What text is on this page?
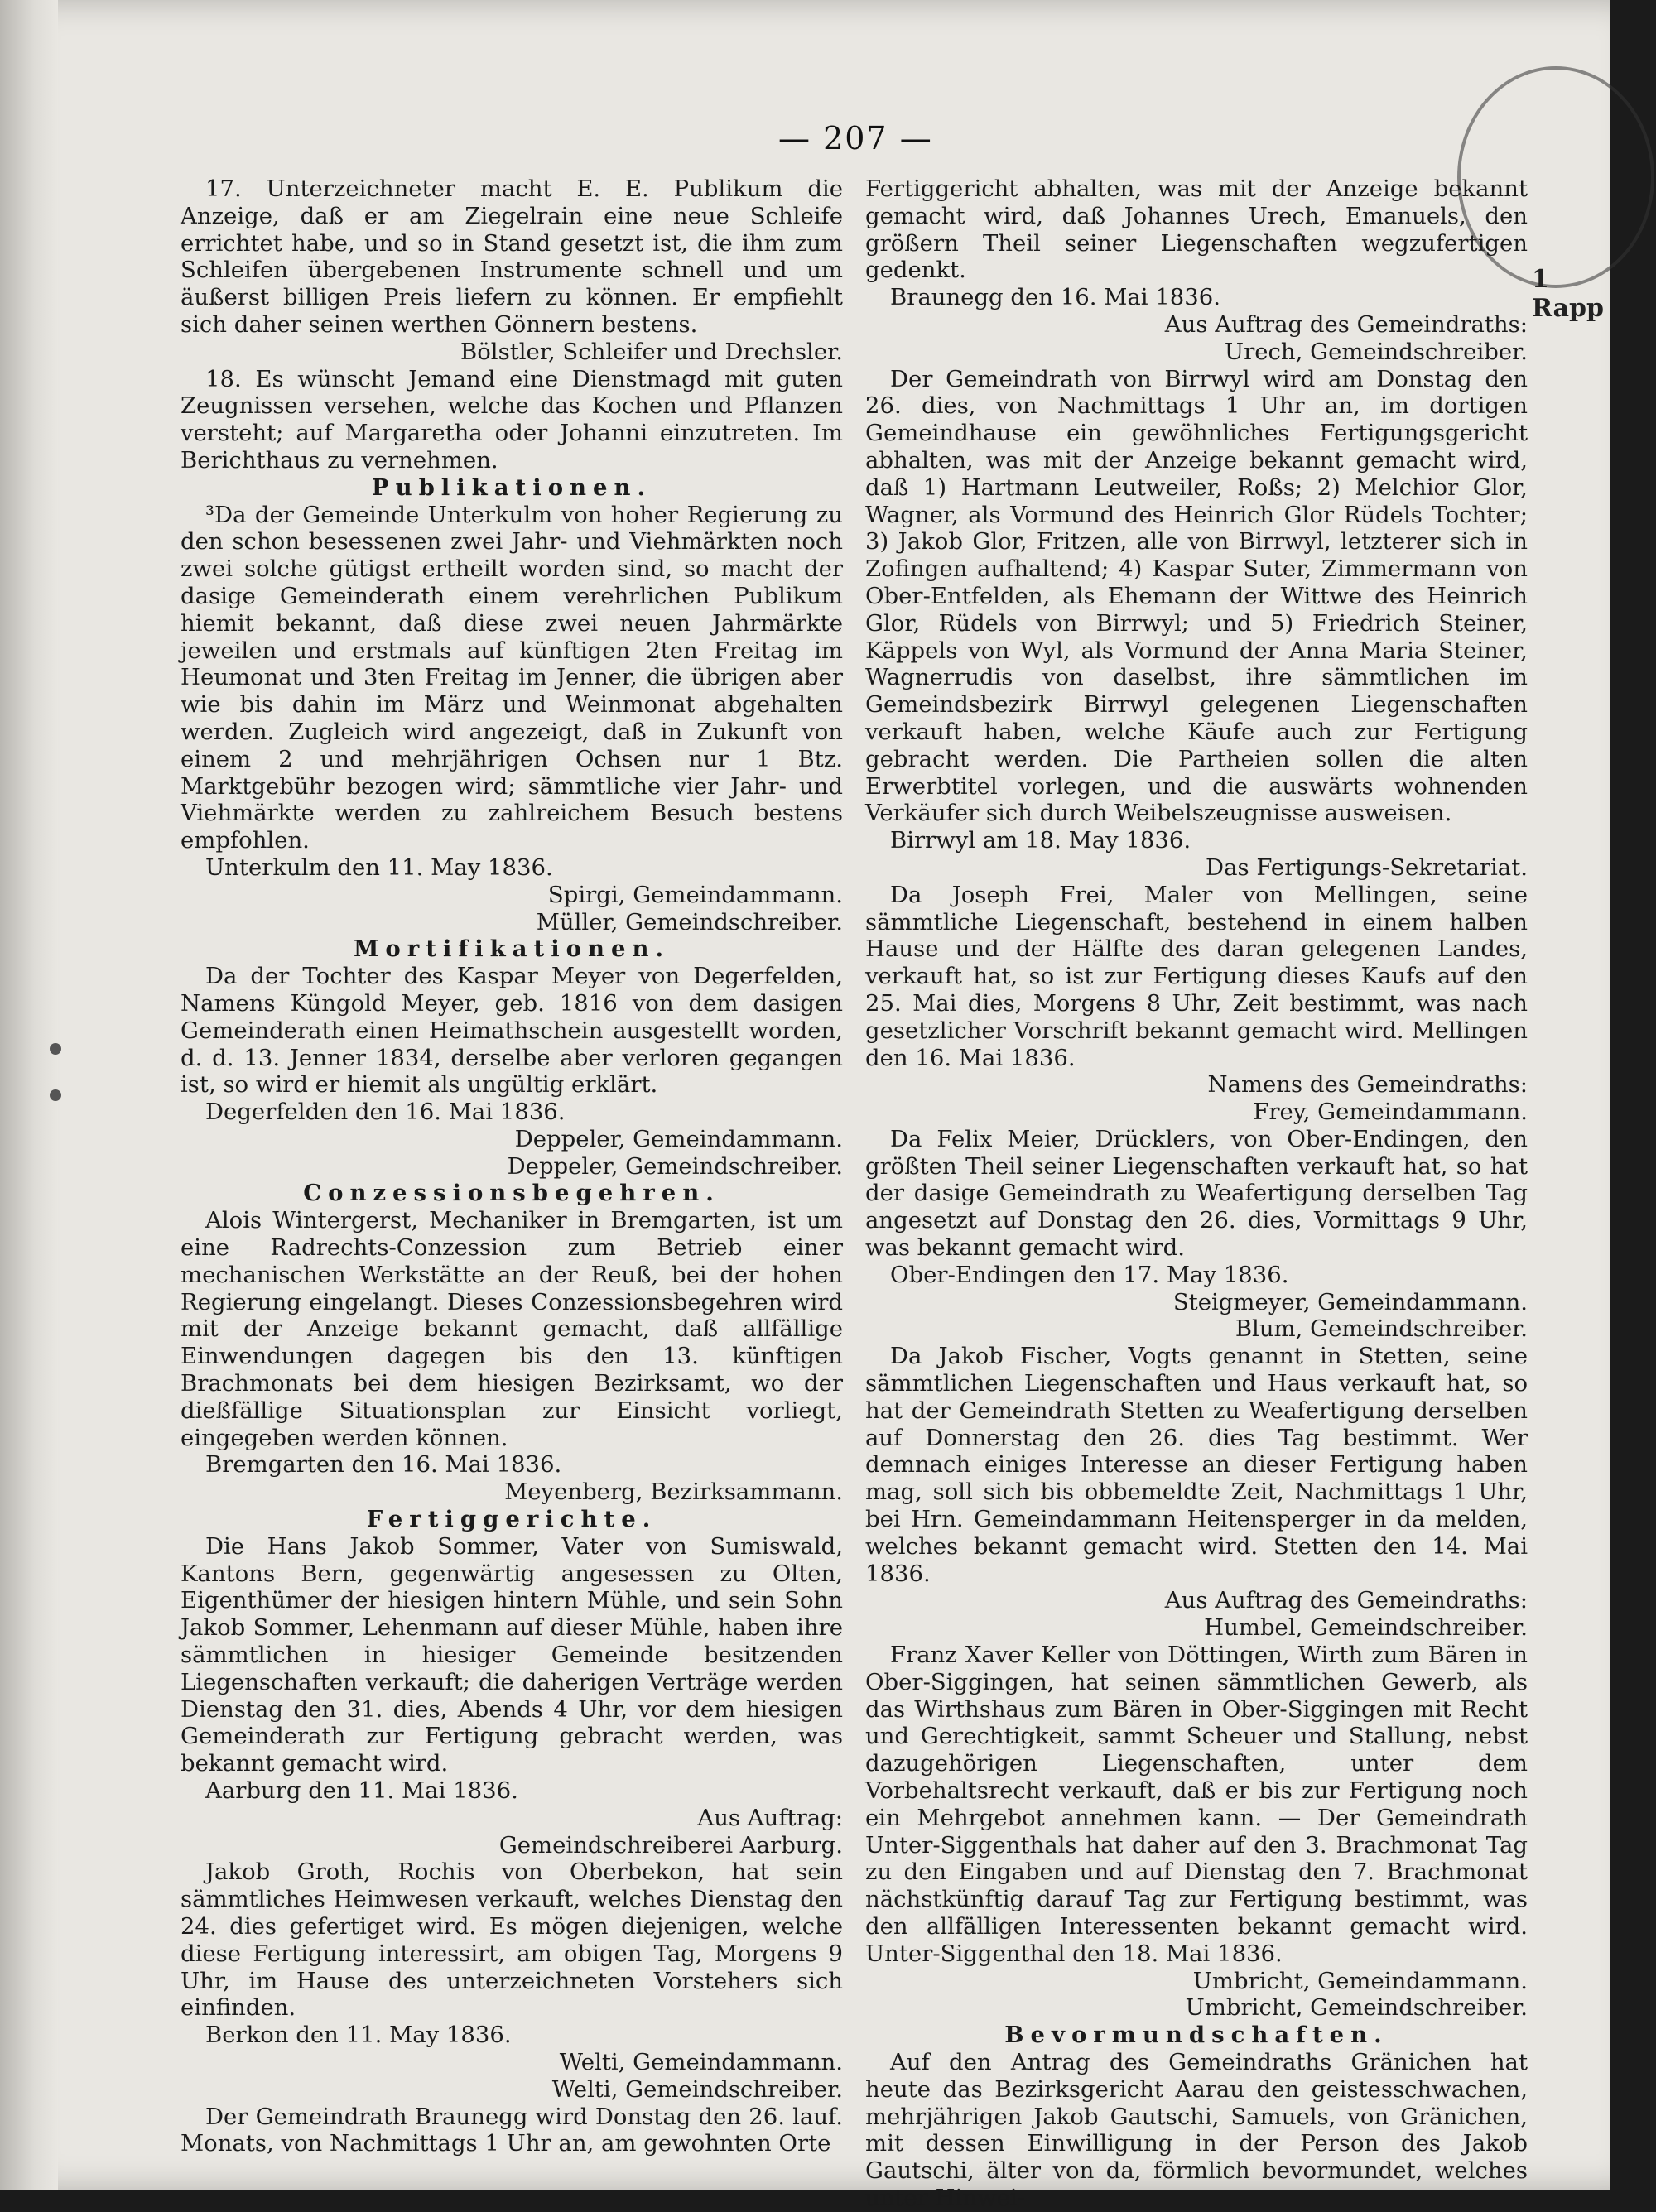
1 Rapp
— 207 —

17. Unterzeichneter macht E. E. Publikum die Anzeige, daß er am Ziegelrain eine neue Schleife errichtet habe, und so in Stand gesetzt ist, die ihm zum Schleifen übergebenen Instrumente schnell und um äußerst billigen Preis liefern zu können. Er empfiehlt sich daher seinen werthen Gönnern bestens.

Bölstler, Schleifer und Drechsler.

18. Es wünscht Jemand eine Dienstmagd mit guten Zeugnissen versehen, welche das Kochen und Pflanzen versteht; auf Margaretha oder Johanni einzutreten. Im Berichthaus zu vernehmen.

Publikationen.

³Da der Gemeinde Unterkulm von hoher Regierung zu den schon besessenen zwei Jahr- und Viehmärkten noch zwei solche gütigst ertheilt worden sind, so macht der dasige Gemeinderath einem verehrlichen Publikum hiemit bekannt, daß diese zwei neuen Jahrmärkte jeweilen und erstmals auf künftigen 2ten Freitag im Heumonat und 3ten Freitag im Jenner, die übrigen aber wie bis dahin im März und Weinmonat abgehalten werden. Zugleich wird angezeigt, daß in Zukunft von einem 2 und mehrjährigen Ochsen nur 1 Btz. Marktgebühr bezogen wird; sämmtliche vier Jahr- und Viehmärkte werden zu zahlreichem Besuch bestens empfohlen.

Unterkulm den 11. May 1836.

Spirgi, Gemeindammann.

Müller, Gemeindschreiber.

Mortifikationen.

Da der Tochter des Kaspar Meyer von Degerfelden, Namens Küngold Meyer, geb. 1816 von dem dasigen Gemeinderath einen Heimathschein ausgestellt worden, d. d. 13. Jenner 1834, derselbe aber verloren gegangen ist, so wird er hiemit als ungültig erklärt.

Degerfelden den 16. Mai 1836.

Deppeler, Gemeindammann.

Deppeler, Gemeindschreiber.

Conzessionsbegehren.

Alois Wintergerst, Mechaniker in Bremgarten, ist um eine Radrechts-Conzession zum Betrieb einer mechanischen Werkstätte an der Reuß, bei der hohen Regierung eingelangt. Dieses Conzessionsbegehren wird mit der Anzeige bekannt gemacht, daß allfällige Einwendungen dagegen bis den 13. künftigen Brachmonats bei dem hiesigen Bezirksamt, wo der dießfällige Situationsplan zur Einsicht vorliegt, eingegeben werden können.

Bremgarten den 16. Mai 1836.

Meyenberg, Bezirksammann.

Fertiggerichte.

Die Hans Jakob Sommer, Vater von Sumiswald, Kantons Bern, gegenwärtig angesessen zu Olten, Eigenthümer der hiesigen hintern Mühle, und sein Sohn Jakob Sommer, Lehenmann auf dieser Mühle, haben ihre sämmtlichen in hiesiger Gemeinde besitzenden Liegenschaften verkauft; die daherigen Verträge werden Dienstag den 31. dies, Abends 4 Uhr, vor dem hiesigen Gemeinderath zur Fertigung gebracht werden, was bekannt gemacht wird.

Aarburg den 11. Mai 1836.

Aus Auftrag:

Gemeindschreiberei Aarburg.

Jakob Groth, Rochis von Oberbekon, hat sein sämmtliches Heimwesen verkauft, welches Dienstag den 24. dies gefertiget wird. Es mögen diejenigen, welche diese Fertigung interessirt, am obigen Tag, Morgens 9 Uhr, im Hause des unterzeichneten Vorstehers sich einfinden.

Berkon den 11. May 1836.

Welti, Gemeindammann.

Welti, Gemeindschreiber.

Der Gemeindrath Braunegg wird Donstag den 26. lauf. Monats, von Nachmittags 1 Uhr an, am gewohnten Orte

Fertiggericht abhalten, was mit der Anzeige bekannt gemacht wird, daß Johannes Urech, Emanuels, den größern Theil seiner Liegenschaften wegzufertigen gedenkt.

Braunegg den 16. Mai 1836.

Aus Auftrag des Gemeindraths:

Urech, Gemeindschreiber.

Der Gemeindrath von Birrwyl wird am Donstag den 26. dies, von Nachmittags 1 Uhr an, im dortigen Gemeindhause ein gewöhnliches Fertigungsgericht abhalten, was mit der Anzeige bekannt gemacht wird, daß 1) Hartmann Leutweiler, Roßs; 2) Melchior Glor, Wagner, als Vormund des Heinrich Glor Rüdels Tochter; 3) Jakob Glor, Fritzen, alle von Birrwyl, letzterer sich in Zofingen aufhaltend; 4) Kaspar Suter, Zimmermann von Ober-Entfelden, als Ehemann der Wittwe des Heinrich Glor, Rüdels von Birrwyl; und 5) Friedrich Steiner, Käppels von Wyl, als Vormund der Anna Maria Steiner, Wagnerrudis von daselbst, ihre sämmtlichen im Gemeindsbezirk Birrwyl gelegenen Liegenschaften verkauft haben, welche Käufe auch zur Fertigung gebracht werden. Die Partheien sollen die alten Erwerbtitel vorlegen, und die auswärts wohnenden Verkäufer sich durch Weibelszeugnisse ausweisen.

Birrwyl am 18. May 1836.

Das Fertigungs-Sekretariat.

Da Joseph Frei, Maler von Mellingen, seine sämmtliche Liegenschaft, bestehend in einem halben Hause und der Hälfte des daran gelegenen Landes, verkauft hat, so ist zur Fertigung dieses Kaufs auf den 25. Mai dies, Morgens 8 Uhr, Zeit bestimmt, was nach gesetzlicher Vorschrift bekannt gemacht wird. Mellingen den 16. Mai 1836.

Namens des Gemeindraths:

Frey, Gemeindammann.

Da Felix Meier, Drücklers, von Ober-Endingen, den größten Theil seiner Liegenschaften verkauft hat, so hat der dasige Gemeindrath zu Weafertigung derselben Tag angesetzt auf Donstag den 26. dies, Vormittags 9 Uhr, was bekannt gemacht wird.

Ober-Endingen den 17. May 1836.

Steigmeyer, Gemeindammann.

Blum, Gemeindschreiber.

Da Jakob Fischer, Vogts genannt in Stetten, seine sämmtlichen Liegenschaften und Haus verkauft hat, so hat der Gemeindrath Stetten zu Weafertigung derselben auf Donnerstag den 26. dies Tag bestimmt. Wer demnach einiges Interesse an dieser Fertigung haben mag, soll sich bis obbemeldte Zeit, Nachmittags 1 Uhr, bei Hrn. Gemeindammann Heitensperger in da melden, welches bekannt gemacht wird. Stetten den 14. Mai 1836.

Aus Auftrag des Gemeindraths:

Humbel, Gemeindschreiber.

Franz Xaver Keller von Döttingen, Wirth zum Bären in Ober-Siggingen, hat seinen sämmtlichen Gewerb, als das Wirthshaus zum Bären in Ober-Siggingen mit Recht und Gerechtigkeit, sammt Scheuer und Stallung, nebst dazugehörigen Liegenschaften, unter dem Vorbehaltsrecht verkauft, daß er bis zur Fertigung noch ein Mehrgebot annehmen kann. — Der Gemeindrath Unter-Siggenthals hat daher auf den 3. Brachmonat Tag zu den Eingaben und auf Dienstag den 7. Brachmonat nächstkünftig darauf Tag zur Fertigung bestimmt, was den allfälligen Interessenten bekannt gemacht wird. Unter-Siggenthal den 18. Mai 1836.

Umbricht, Gemeindammann.

Umbricht, Gemeindschreiber.

Bevormundschaften.

Auf den Antrag des Gemeindraths Gränichen hat heute das Bezirksgericht Aarau den geistesschwachen, mehrjährigen Jakob Gautschi, Samuels, von Gränichen, mit dessen Einwilligung in der Person des Jakob Gautschi, älter von da, förmlich bevormundet, welches unter Hinwei-
